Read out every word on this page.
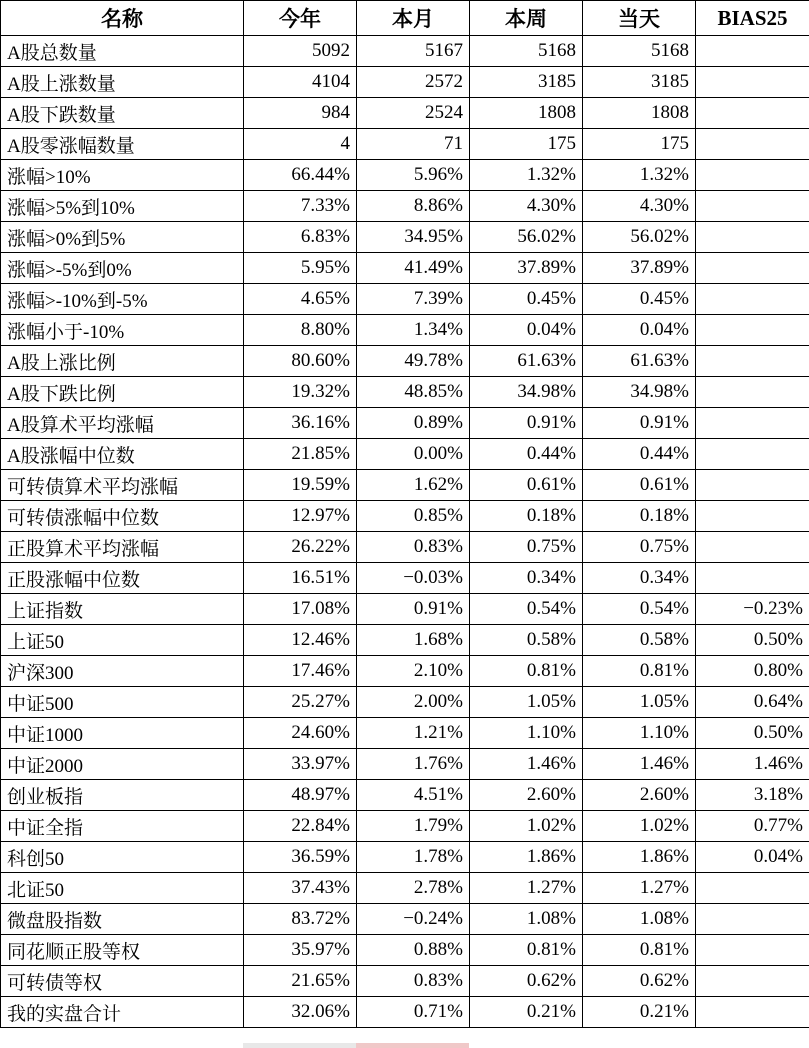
名称	今年	本月	本周	当天	BIAS25
A股总数量	5092	5167	5168	5168	
A股上涨数量	4104	2572	3185	3185	
A股下跌数量	984	2524	1808	1808	
A股零涨幅数量	4	71	175	175	
涨幅>10%	66.44%	5.96%	1.32%	1.32%	
涨幅>5%到10%	7.33%	8.86%	4.30%	4.30%	
涨幅>0%到5%	6.83%	34.95%	56.02%	56.02%	
涨幅>-5%到0%	5.95%	41.49%	37.89%	37.89%	
涨幅>-10%到-5%	4.65%	7.39%	0.45%	0.45%	
涨幅小于-10%	8.80%	1.34%	0.04%	0.04%	
A股上涨比例	80.60%	49.78%	61.63%	61.63%	
A股下跌比例	19.32%	48.85%	34.98%	34.98%	
A股算术平均涨幅	36.16%	0.89%	0.91%	0.91%	
A股涨幅中位数	21.85%	0.00%	0.44%	0.44%	
可转债算术平均涨幅	19.59%	1.62%	0.61%	0.61%	
可转债涨幅中位数	12.97%	0.85%	0.18%	0.18%	
正股算术平均涨幅	26.22%	0.83%	0.75%	0.75%	
正股涨幅中位数	16.51%	−0.03%	0.34%	0.34%	
上证指数	17.08%	0.91%	0.54%	0.54%	−0.23%
上证50	12.46%	1.68%	0.58%	0.58%	0.50%
沪深300	17.46%	2.10%	0.81%	0.81%	0.80%
中证500	25.27%	2.00%	1.05%	1.05%	0.64%
中证1000	24.60%	1.21%	1.10%	1.10%	0.50%
中证2000	33.97%	1.76%	1.46%	1.46%	1.46%
创业板指	48.97%	4.51%	2.60%	2.60%	3.18%
中证全指	22.84%	1.79%	1.02%	1.02%	0.77%
科创50	36.59%	1.78%	1.86%	1.86%	0.04%
北证50	37.43%	2.78%	1.27%	1.27%	
微盘股指数	83.72%	−0.24%	1.08%	1.08%	
同花顺正股等权	35.97%	0.88%	0.81%	0.81%	
可转债等权	21.65%	0.83%	0.62%	0.62%	
我的实盘合计	32.06%	0.71%	0.21%	0.21%	
